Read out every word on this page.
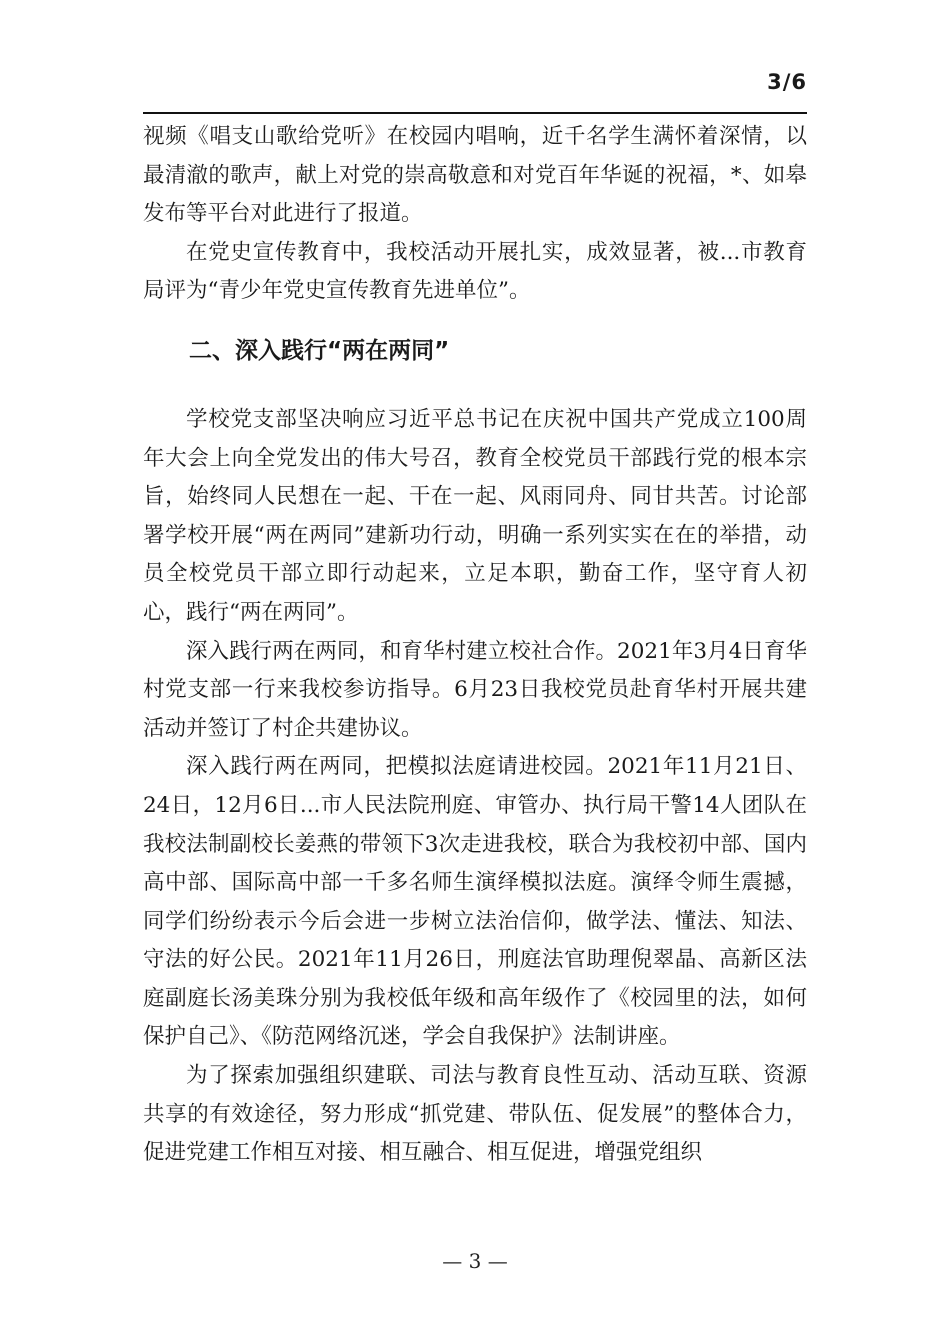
3/6

视频《唱支山歌给党听》在校园内唱响，近千名学生满怀着深情，以最清澈的歌声，献上对党的崇高敬意和对党百年华诞的祝福，*、如皋发布等平台对此进行了报道。

在党史宣传教育中，我校活动开展扎实，成效显著，被...市教育局评为“青少年党史宣传教育先进单位”。

二、深入践行“两在两同”

学校党支部坚决响应习近平总书记在庆祝中国共产党成立100周年大会上向全党发出的伟大号召，教育全校党员干部践行党的根本宗旨，始终同人民想在一起、干在一起、风雨同舟、同甘共苦。讨论部署学校开展“两在两同”建新功行动，明确一系列实实在在的举措，动员全校党员干部立即行动起来，立足本职，勤奋工作，坚守育人初心，践行“两在两同”。

深入践行两在两同，和育华村建立校社合作。2021年3月4日育华村党支部一行来我校参访指导。6月23日我校党员赴育华村开展共建活动并签订了村企共建协议。

深入践行两在两同，把模拟法庭请进校园。2021年11月21日、24日，12月6日...市人民法院刑庭、审管办、执行局干警14人团队在我校法制副校长姜燕的带领下3次走进我校，联合为我校初中部、国内高中部、国际高中部一千多名师生演绎模拟法庭。演绎令师生震撼，同学们纷纷表示今后会进一步树立法治信仰，做学法、懂法、知法、守法的好公民。2021年11月26日，刑庭法官助理倪翠晶、高新区法庭副庭长汤美珠分别为我校低年级和高年级作了《校园里的法，如何保护自己》、《防范网络沉迷，学会自我保护》法制讲座。

为了探索加强组织建联、司法与教育良性互动、活动互联、资源共享的有效途径，努力形成“抓党建、带队伍、促发展”的整体合力，促进党建工作相互对接、相互融合、相互促进，增强党组织

— 3 —
